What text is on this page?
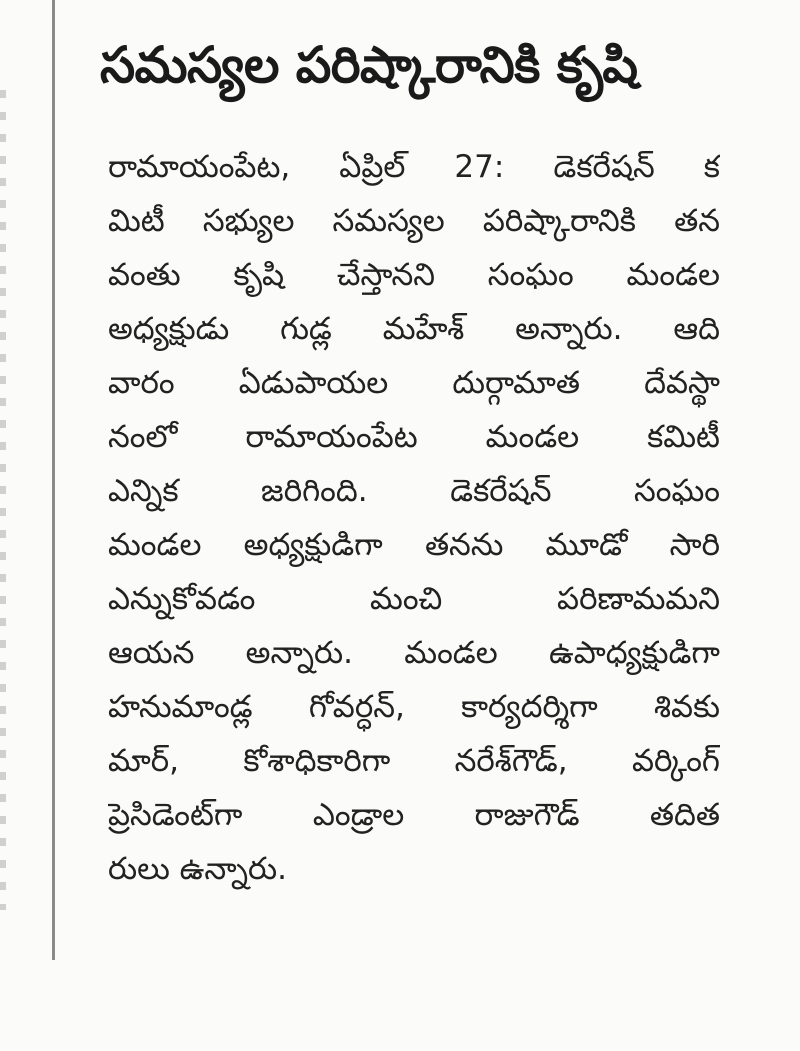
సమస్యల పరిష్కారానికి కృషి
రామాయంపేట, ఏప్రిల్ 27: డెకరేషన్ క
మిటీ సభ్యుల సమస్యల పరిష్కారానికి తన
వంతు కృషి చేస్తానని సంఘం మండల
అధ్యక్షుడు గుడ్ల మహేశ్ అన్నారు. ఆది
వారం ఏడుపాయల దుర్గామాత దేవస్థా
నంలో రామాయంపేట మండల కమిటీ
ఎన్నిక జరిగింది. డెకరేషన్ సంఘం
మండల అధ్యక్షుడిగా తనను మూడో సారి
ఎన్నుకోవడం మంచి పరిణామమని
ఆయన అన్నారు. మండల ఉపాధ్యక్షుడిగా
హనుమాండ్ల గోవర్ధన్, కార్యదర్శిగా శివకు
మార్, కోశాధికారిగా నరేశ్‌గౌడ్, వర్కింగ్
ప్రెసిడెంట్‌గా ఎండ్రాల రాజుగౌడ్ తదిత
రులు ఉన్నారు.
